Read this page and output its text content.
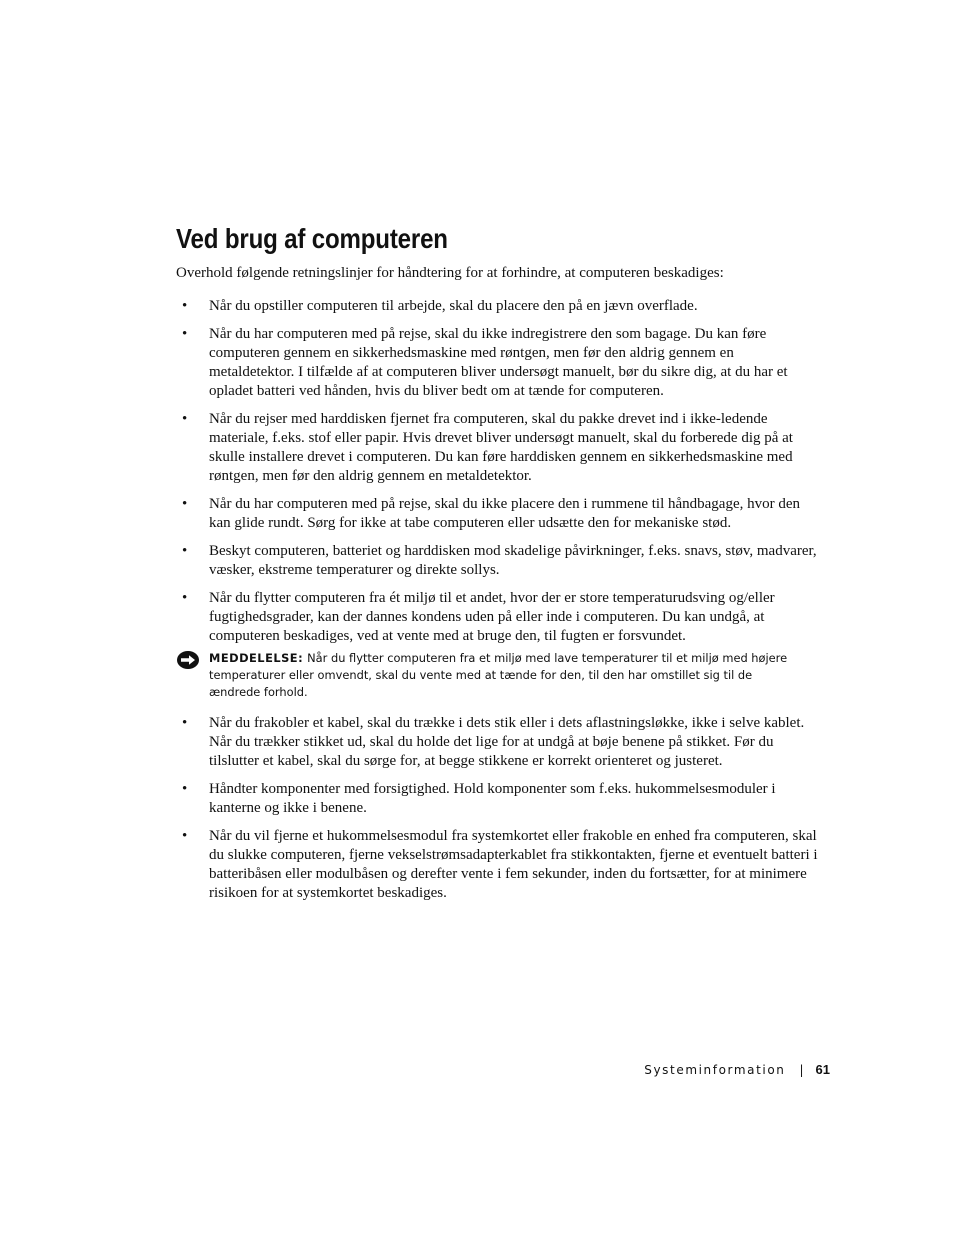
Ved brug af computeren

Overhold følgende retningslinjer for håndtering for at forhindre, at computeren beskadiges:

• Når du opstiller computeren til arbejde, skal du placere den på en jævn overflade.
• Når du har computeren med på rejse, skal du ikke indregistrere den som bagage. Du kan føre computeren gennem en sikkerhedsmaskine med røntgen, men før den aldrig gennem en metaldetektor. I tilfælde af at computeren bliver undersøgt manuelt, bør du sikre dig, at du har et opladet batteri ved hånden, hvis du bliver bedt om at tænde for computeren.
• Når du rejser med harddisken fjernet fra computeren, skal du pakke drevet ind i ikke-ledende materiale, f.eks. stof eller papir. Hvis drevet bliver undersøgt manuelt, skal du forberede dig på at skulle installere drevet i computeren. Du kan føre harddisken gennem en sikkerhedsmaskine med røntgen, men før den aldrig gennem en metaldetektor.
• Når du har computeren med på rejse, skal du ikke placere den i rummene til håndbagage, hvor den kan glide rundt. Sørg for ikke at tabe computeren eller udsætte den for mekaniske stød.
• Beskyt computeren, batteriet og harddisken mod skadelige påvirkninger, f.eks. snavs, støv, madvarer, væsker, ekstreme temperaturer og direkte sollys.
• Når du flytter computeren fra ét miljø til et andet, hvor der er store temperaturudsving og/eller fugtighedsgrader, kan der dannes kondens uden på eller inde i computeren. Du kan undgå, at computeren beskadiges, ved at vente med at bruge den, til fugten er forsvundet.
MEDDELELSE: Når du flytter computeren fra et miljø med lave temperaturer til et miljø med højere temperaturer eller omvendt, skal du vente med at tænde for den, til den har omstillet sig til de ændrede forhold.
• Når du frakobler et kabel, skal du trække i dets stik eller i dets aflastningsløkke, ikke i selve kablet. Når du trækker stikket ud, skal du holde det lige for at undgå at bøje benene på stikket. Før du tilslutter et kabel, skal du sørge for, at begge stikkene er korrekt orienteret og justeret.
• Håndter komponenter med forsigtighed. Hold komponenter som f.eks. hukommelsesmoduler i kanterne og ikke i benene.
• Når du vil fjerne et hukommelsesmodul fra systemkortet eller frakoble en enhed fra computeren, skal du slukke computeren, fjerne vekselstrømsadapterkablet fra stikkontakten, fjerne et eventuelt batteri i batteribåsen eller modulbåsen og derefter vente i fem sekunder, inden du fortsætter, for at minimere risikoen for at systemkortet beskadiges.
Systeminformation | 61
